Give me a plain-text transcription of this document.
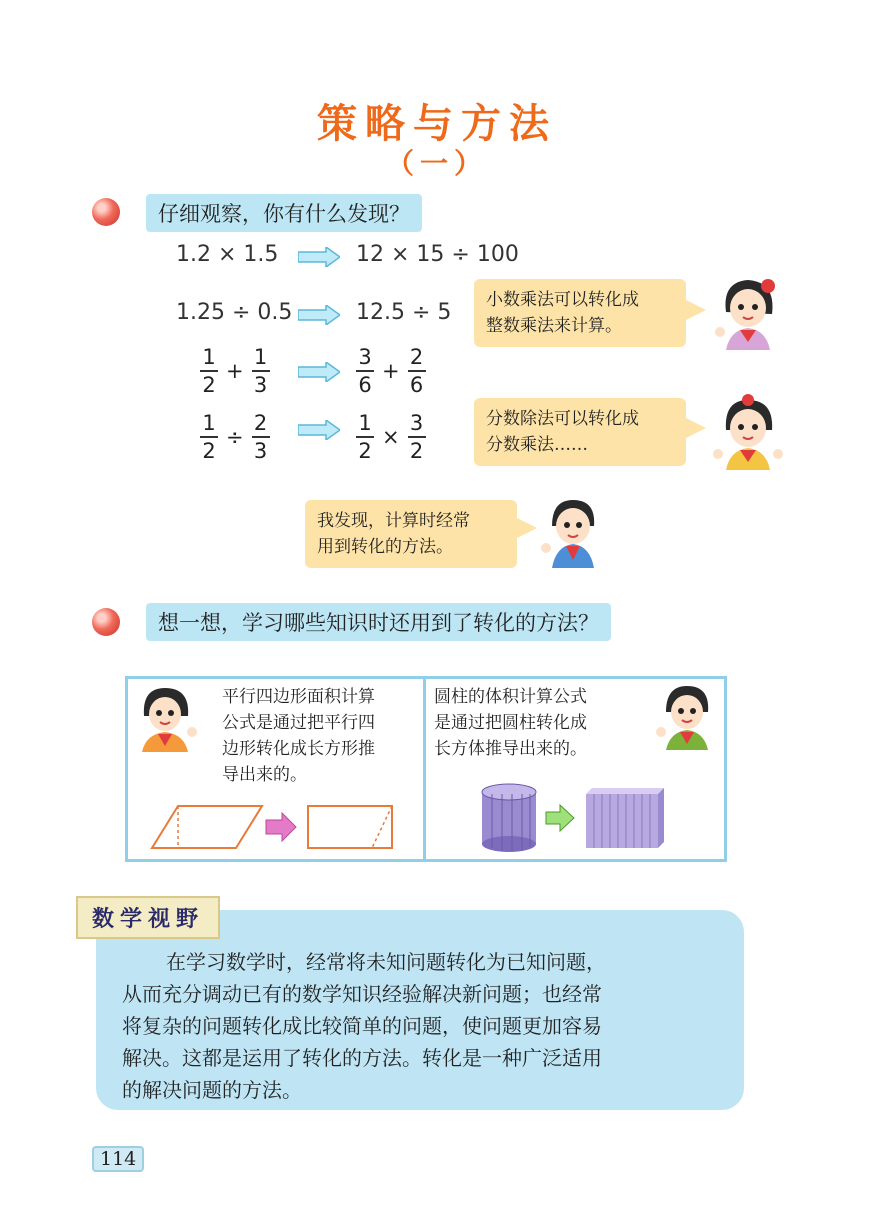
策略与方法
（一）
仔细观察，你有什么发现？
1.2 × 1.5	12 × 15 ÷ 100
1.25 ÷ 0.5	12.5 ÷ 5
$\frac{1}{2} + \frac{1}{3}$	$\frac{3}{6} + \frac{2}{6}$
$\frac{1}{2} \div \frac{2}{3}$	$\frac{1}{2} \times \frac{3}{2}$
小数乘法可以转化成
整数乘法来计算。
分数除法可以转化成
分数乘法……
我发现，计算时经常
用到转化的方法。
想一想，学习哪些知识时还用到了转化的方法？
平行四边形面积计算
公式是通过把平行四
边形转化成长方形推
导出来的。
圆柱的体积计算公式
是通过把圆柱转化成
长方体推导出来的。
数学视野
在学习数学时，经常将未知问题转化为已知问题，
从而充分调动已有的数学知识经验解决新问题；也经常
将复杂的问题转化成比较简单的问题，使问题更加容易
解决。这都是运用了转化的方法。转化是一种广泛适用
的解决问题的方法。
114
